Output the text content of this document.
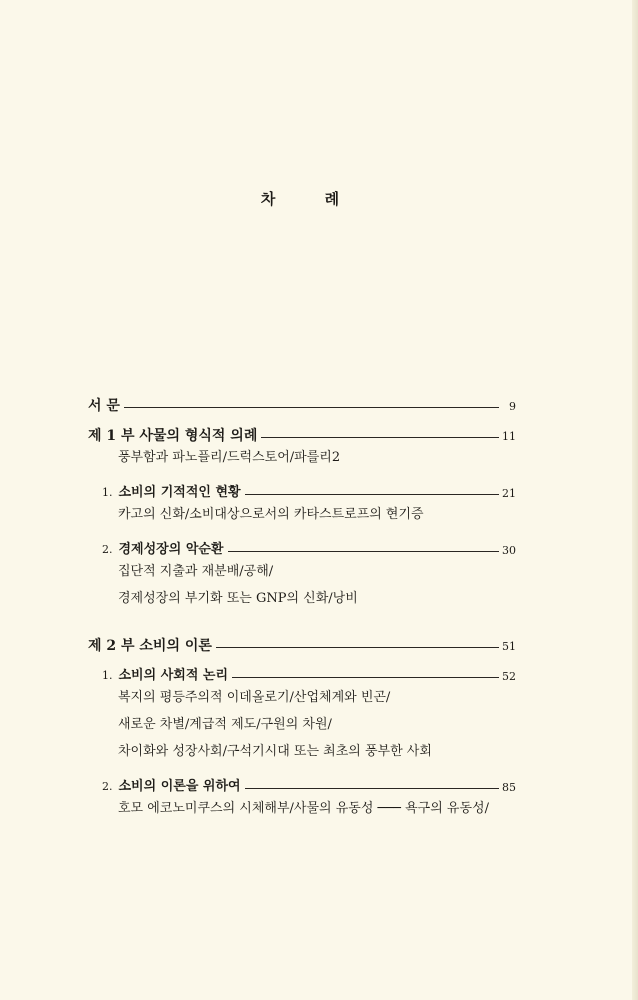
차 례
서 문	9
제 1 부 사물의 형식적 의례	11
풍부함과 파노플리/드럭스토어/파를리2
1. 소비의 기적적인 현황	21
카고의 신화/소비대상으로서의 카타스트로프의 현기증
2. 경제성장의 악순환	30
집단적 지출과 재분배/공해/
경제성장의 부기화 또는 GNP의 신화/낭비
제 2 부 소비의 이론	51
1. 소비의 사회적 논리	52
복지의 평등주의적 이데올로기/산업체계와 빈곤/
새로운 차별/계급적 제도/구원의 차원/
차이화와 성장사회/구석기시대 또는 최초의 풍부한 사회
2. 소비의 이론을 위하여	85
호모 에코노미쿠스의 시체해부/사물의 유동성 ─── 욕구의 유동성/
